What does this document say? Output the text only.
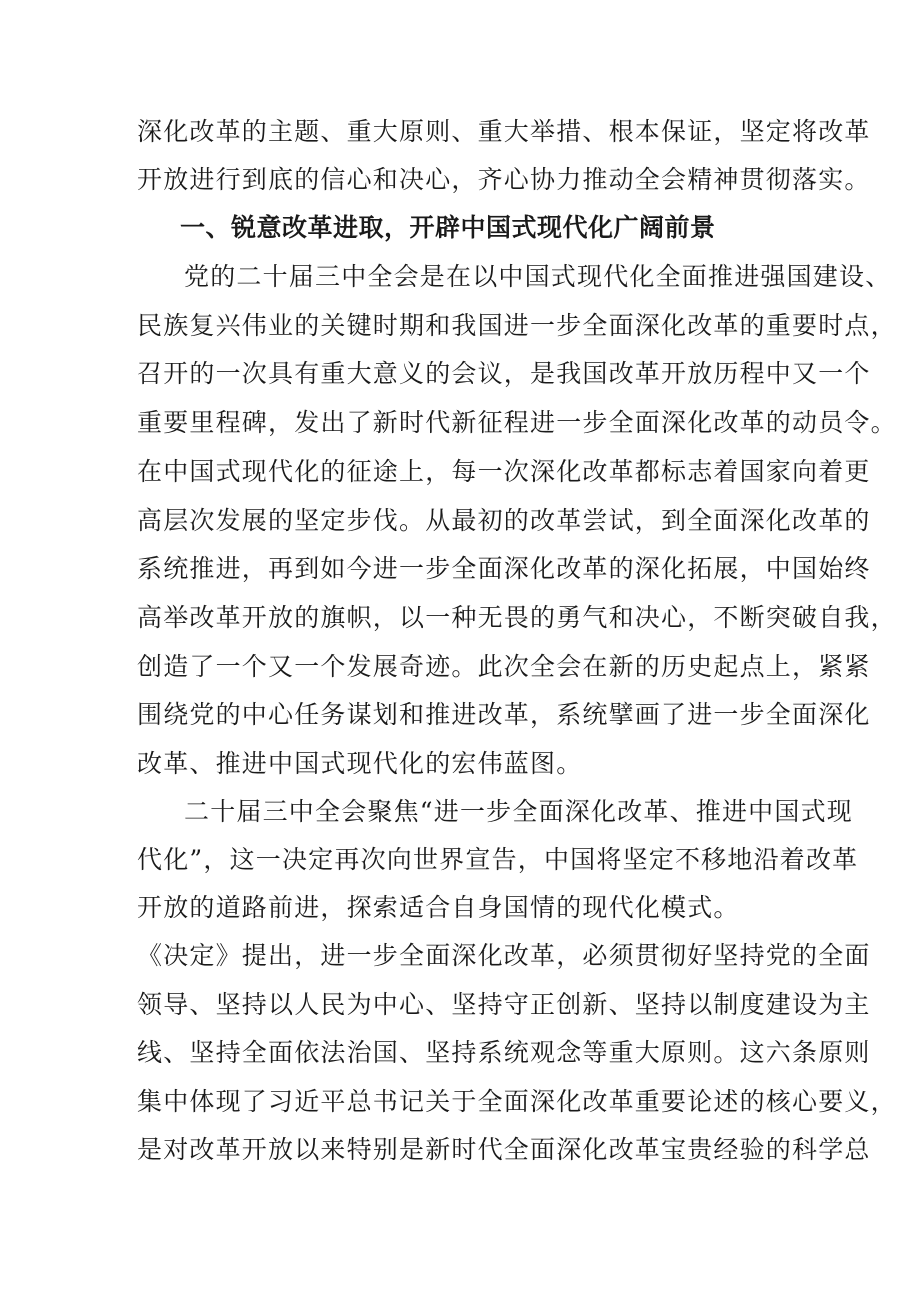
深化改革的主题、重大原则、重大举措、根本保证，坚定将改革
开放进行到底的信心和决心，齐心协力推动全会精神贯彻落实。
一、锐意改革进取，开辟中国式现代化广阔前景
党的二十届三中全会是在以中国式现代化全面推进强国建设、
民族复兴伟业的关键时期和我国进一步全面深化改革的重要时点，
召开的一次具有重大意义的会议，是我国改革开放历程中又一个
重要里程碑，发出了新时代新征程进一步全面深化改革的动员令。
在中国式现代化的征途上，每一次深化改革都标志着国家向着更
高层次发展的坚定步伐。从最初的改革尝试，到全面深化改革的
系统推进，再到如今进一步全面深化改革的深化拓展，中国始终
高举改革开放的旗帜，以一种无畏的勇气和决心，不断突破自我，
创造了一个又一个发展奇迹。此次全会在新的历史起点上，紧紧
围绕党的中心任务谋划和推进改革，系统擘画了进一步全面深化
改革、推进中国式现代化的宏伟蓝图。
二十届三中全会聚焦“进一步全面深化改革、推进中国式现
代化”，这一决定再次向世界宣告，中国将坚定不移地沿着改革
开放的道路前进，探索适合自身国情的现代化模式。
《决定》提出，进一步全面深化改革，必须贯彻好坚持党的全面
领导、坚持以人民为中心、坚持守正创新、坚持以制度建设为主
线、坚持全面依法治国、坚持系统观念等重大原则。这六条原则
集中体现了习近平总书记关于全面深化改革重要论述的核心要义，
是对改革开放以来特别是新时代全面深化改革宝贵经验的科学总
